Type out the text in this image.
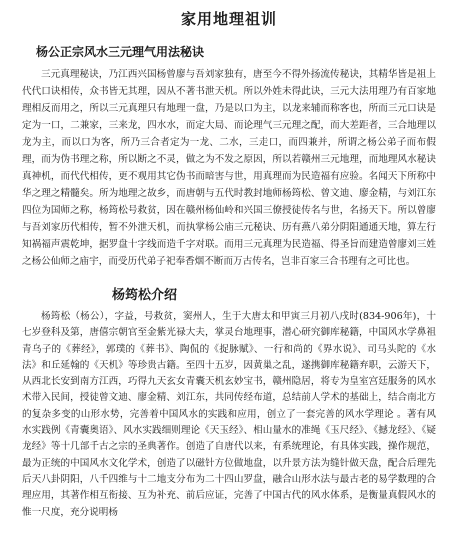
家用地理祖训
杨公正宗风水三元理气用法秘诀

三元真理秘诀，乃江西兴国杨曾廖与吾刘家独有，唐至今不得外扬流传秘诀，其精华皆是祖上代代口诀相传，众书皆无其理，因从不著书泄天机。所以外姓未得此诀，三元大法用理乃有百家地理相反而用之，所以三元真理只有地理一盘，乃是以口为主，以龙来辅而称客也，所而三元口诀是定为一口，二兼家，三来龙，四水水，而定大局、而论理气三元理之配，而大差距者，三合地理以龙为主，而以口为客，所乃三合者定为一龙、二水，三走口，而四兼并，所谓之杨公弟子而布假理，而为伪书理之称，所以断之不灵，做之为不发之原因，所以若赣州三元地理，而地理风水秘诀真神机，而代代相传，更不观用其它伪书而暗害与世，用真理而为民造福有应验。名闻天下所称中华之理之精髓矣。所为地理之故乡，而唐朝与五代时教封地师杨筠松、曾文迪、廖金精，与刘江东四位为国师之称，杨筠松号救贫，因在赣州杨仙岭和兴国三僚授徒传名与世，名扬天下。所以曾廖与吾刘家历代相传，暂不外泄天机，而执掌杨公庙三元秘诀、历有燕八弟分阴阳通通天地，算左行知祸福声震乾坤，据罗盘十字线而造千字对联。而用三元真理为民造福、得圣旨而建造曾廖刘三姓之杨公仙师之庙宇，而受历代弟子祀奉香烟不断而万古传名，岂非百家三合书理有之可比也。

杨筠松介绍

杨筠松（杨公），字益，号救贫，窦州人，生于大唐太和甲寅三月初八戌时(834-906年)，十七岁登科及第，唐僖宗朝官至金紫光禄大夫，掌灵台地理事，潜心研究御库秘籍，中国风水学鼻祖青乌子的《葬经》，郭璞的《葬书》、陶侃的《捉脉赋》、一行和尚的《界水说》、司马头陀的《水法》和丘延翰的《天机》等珍贵古籍。至四十五岁，因黄巢之乱，遂携御库秘籍弃职，云游天下，从西北长安到南方江西，巧得九天玄女青囊天机玄妙宝书，赣州隐居，将专为皇室宫廷服务的风水术带入民间，授徒曾文迪、廖金精、刘江东，共同传经布道，总结前人学术的基础上，结合南北方的复杂多变的山形水势，完善着中国风水的实践和应用，创立了一套完善的风水学理论 。著有风水实践例《青囊奥语》、风水实践细则理论《天玉经》、相山量水的准绳《玉尺经》、《撼龙经》、《疑龙经》等十几部千古之宗的圣典著作。创造了自唐代以来，有系统理论，有具体实践，操作规范，最为正统的中国风水文化学术，创造了以磁针方位做地盘，以升景方法为缝针做天盘，配合后理先后天八卦阴阳，八千四维与十二地支分布为二十四山罗盘，融合山形水法与最古老的易学数理的合理应用，其著作相互衔接、互为补充、前后应证，完善了中国古代的风水体系，是衡量真假风水的惟一尺度，充分说明杨
